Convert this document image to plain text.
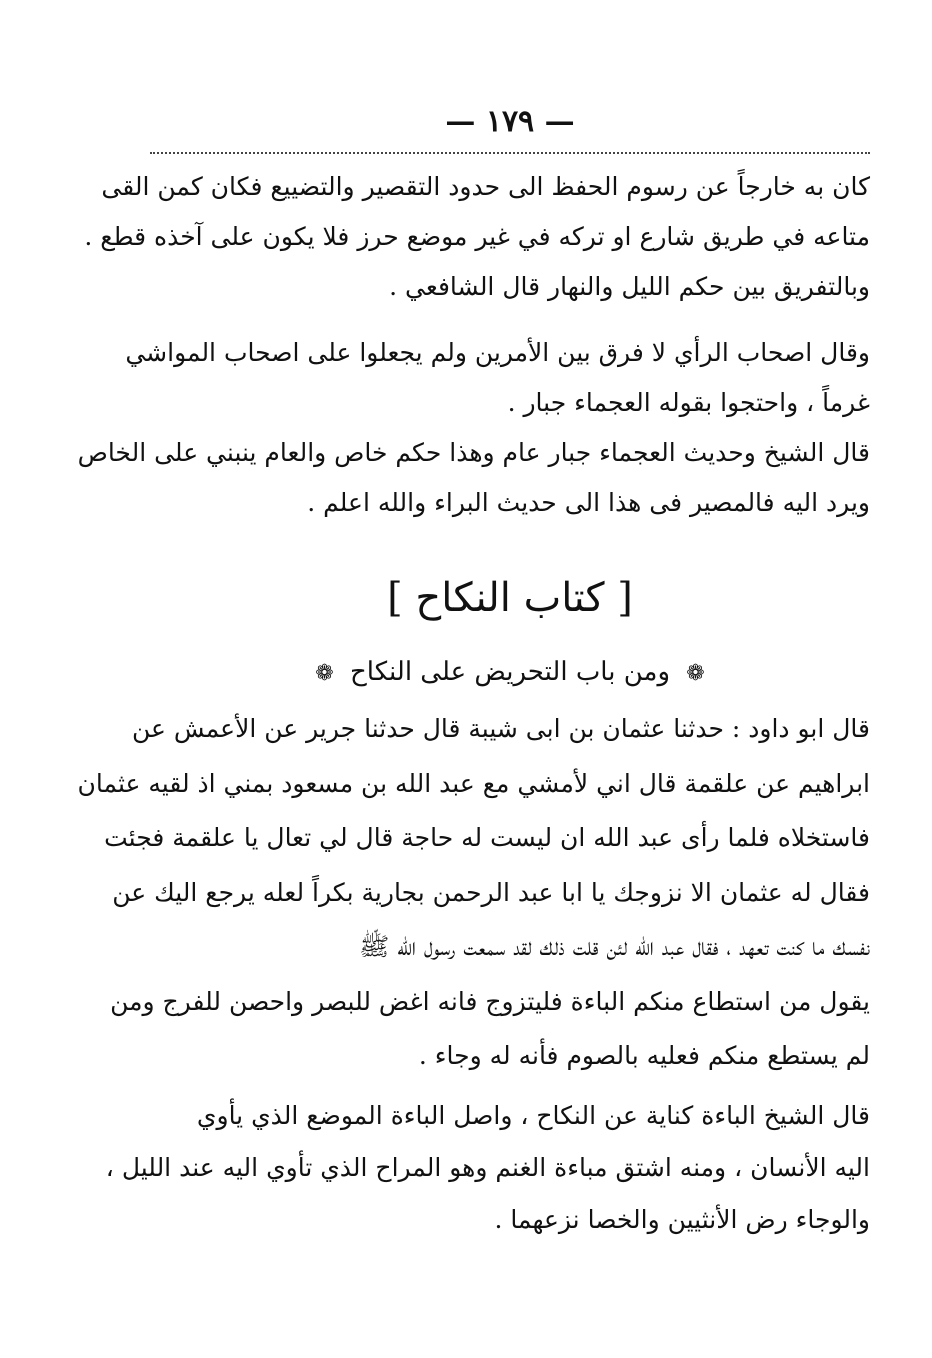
— ١٧٩ —
كان به خارجاً عن رسوم الحفظ الى حدود التقصير والتضييع فكان كمن القى
متاعه في طريق شارع او تركه في غير موضع حرز فلا يكون على آخذه قطع .
وبالتفريق بين حكم الليل والنهار قال الشافعي .
وقال اصحاب الرأي لا فرق بين الأمرين ولم يجعلوا على اصحاب المواشي
غرماً ، واحتجوا بقوله العجماء جبار .
قال الشيخ وحديث العجماء جبار عام وهذا حكم خاص والعام ينبني على الخاص
ويرد اليه فالمصير فى هذا الى حديث البراء والله اعلم .
[ كتاب النكاح ]
❁ ومن باب التحريض على النكاح ❁
قال ابو داود : حدثنا عثمان بن ابى شيبة قال حدثنا جرير عن الأعمش عن
ابراهيم عن علقمة قال اني لأمشي مع عبد الله بن مسعود بمني اذ لقيه عثمان
فاستخلاه فلما رأى عبد الله ان ليست له حاجة قال لي تعال يا علقمة فجئت
فقال له عثمان الا نزوجك يا ابا عبد الرحمن بجارية بكراً لعله يرجع اليك عن
نفسك ما كنت تعهد ، فقال عبد الله لئن قلت ذلك لقد سمعت رسول الله ﷺ
يقول من استطاع منكم الباءة فليتزوج فانه اغض للبصر واحصن للفرج ومن
لم يستطع منكم فعليه بالصوم فأنه له وجاء .
قال الشيخ الباءة كناية عن النكاح ، واصل الباءة الموضع الذي يأوي
اليه الأنسان ، ومنه اشتق مباءة الغنم وهو المراح الذي تأوي اليه عند الليل ،
والوجاء رض الأنثيين والخصا نزعهما .
